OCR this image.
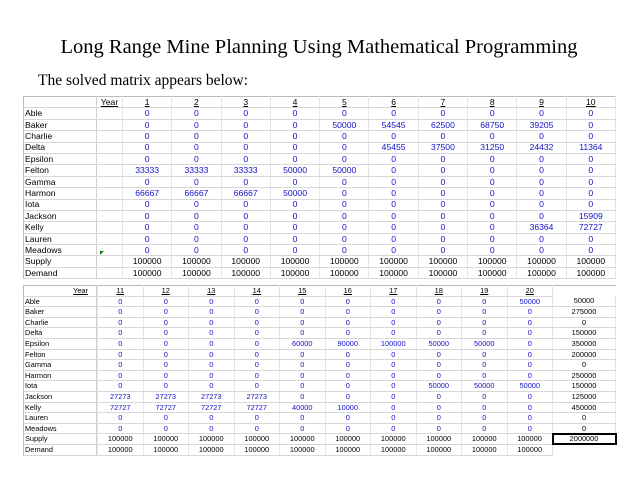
Long Range Mine Planning Using Mathematical Programming
The solved matrix appears below:
	Year	1	2	3	4	5	6	7	8	9	10
Able		0	0	0	0	0	0	0	0	0	0
Baker		0	0	0	0	50000	54545	62500	68750	39205	0
Charlie		0	0	0	0	0	0	0	0	0	0
Delta		0	0	0	0	0	45455	37500	31250	24432	11364
Epsilon		0	0	0	0	0	0	0	0	0	0
Felton		33333	33333	33333	50000	50000	0	0	0	0	0
Gamma		0	0	0	0	0	0	0	0	0	0
Harmon		66667	66667	66667	50000	0	0	0	0	0	0
Iota		0	0	0	0	0	0	0	0	0	0
Jackson		0	0	0	0	0	0	0	0	0	15909
Kelly		0	0	0	0	0	0	0	0	36364	72727
Lauren		0	0	0	0	0	0	0	0	0	0
Meadows		0	0	0	0	0	0	0	0	0	0
Supply		100000	100000	100000	100000	100000	100000	100000	100000	100000	100000
Demand		100000	100000	100000	100000	100000	100000	100000	100000	100000	100000
Year		11	12	13	14	15	16	17	18	19	20	
Able		0	0	0	0	0	0	0	0	0	50000	50000
Baker		0	0	0	0	0	0	0	0	0	0	275000
Charlie		0	0	0	0	0	0	0	0	0	0	0
Delta		0	0	0	0	0	0	0	0	0	0	150000
Epsilon		0	0	0	0	60000	90000	100000	50000	50000	0	350000
Felton		0	0	0	0	0	0	0	0	0	0	200000
Gamma		0	0	0	0	0	0	0	0	0	0	0
Harmon		0	0	0	0	0	0	0	0	0	0	250000
Iota		0	0	0	0	0	0	0	50000	50000	50000	150000
Jackson		27273	27273	27273	27273	0	0	0	0	0	0	125000
Kelly		72727	72727	72727	72727	40000	10000	0	0	0	0	450000
Lauren		0	0	0	0	0	0	0	0	0	0	0
Meadows		0	0	0	0	0	0	0	0	0	0	0
Supply		100000	100000	100000	100000	100000	100000	100000	100000	100000	100000	2000000
Demand		100000	100000	100000	100000	100000	100000	100000	100000	100000	100000	
